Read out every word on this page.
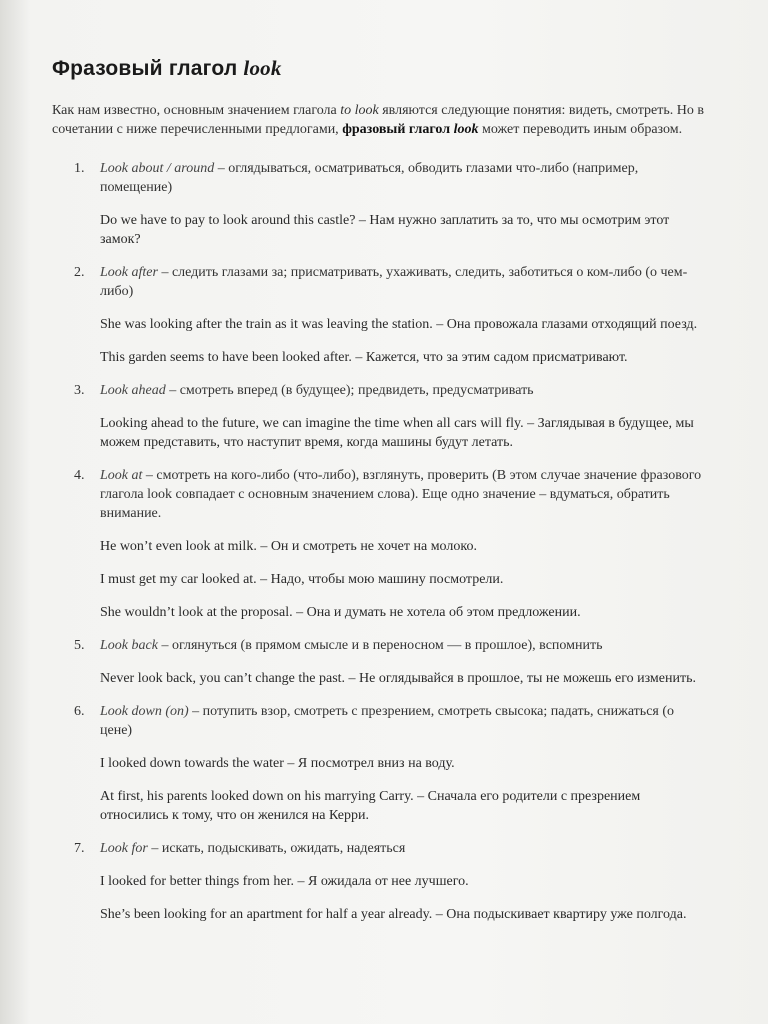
Фразовый глагол look

Как нам известно, основным значением глагола to look являются следующие понятия: видеть, смотреть. Но в сочетании с ниже перечисленными предлогами, фразовый глагол look может переводить иным образом.

1. Look about / around – оглядываться, осматриваться, обводить глазами что-либо (например, помещение)

Do we have to pay to look around this castle? – Нам нужно заплатить за то, что мы осмотрим этот замок?

2. Look after – следить глазами за; присматривать, ухаживать, следить, заботиться о ком-либо (о чем-либо)

She was looking after the train as it was leaving the station. – Она провожала глазами отходящий поезд.

This garden seems to have been looked after. – Кажется, что за этим садом присматривают.

3. Look ahead – смотреть вперед (в будущее); предвидеть, предусматривать

Looking ahead to the future, we can imagine the time when all cars will fly. – Заглядывая в будущее, мы можем представить, что наступит время, когда машины будут летать.

4. Look at – смотреть на кого-либо (что-либо), взглянуть, проверить (В этом случае значение фразового глагола look совпадает с основным значением слова). Еще одно значение – вдуматься, обратить внимание.

He won’t even look at milk. – Он и смотреть не хочет на молоко.

I must get my car looked at. – Надо, чтобы мою машину посмотрели.

She wouldn’t look at the proposal. – Она и думать не хотела об этом предложении.

5. Look back – оглянуться (в прямом смысле и в переносном — в прошлое), вспомнить

Never look back, you can’t change the past. – Не оглядывайся в прошлое, ты не можешь его изменить.

6. Look down (on) – потупить взор, смотреть с презрением, смотреть свысока; падать, снижаться (о цене)

I looked down towards the water – Я посмотрел вниз на воду.

At first, his parents looked down on his marrying Carry. – Сначала его родители с презрением относились к тому, что он женился на Керри.

7. Look for – искать, подыскивать, ожидать, надеяться

I looked for better things from her. – Я ожидала от нее лучшего.

She’s been looking for an apartment for half a year already. – Она подыскивает квартиру уже полгода.
